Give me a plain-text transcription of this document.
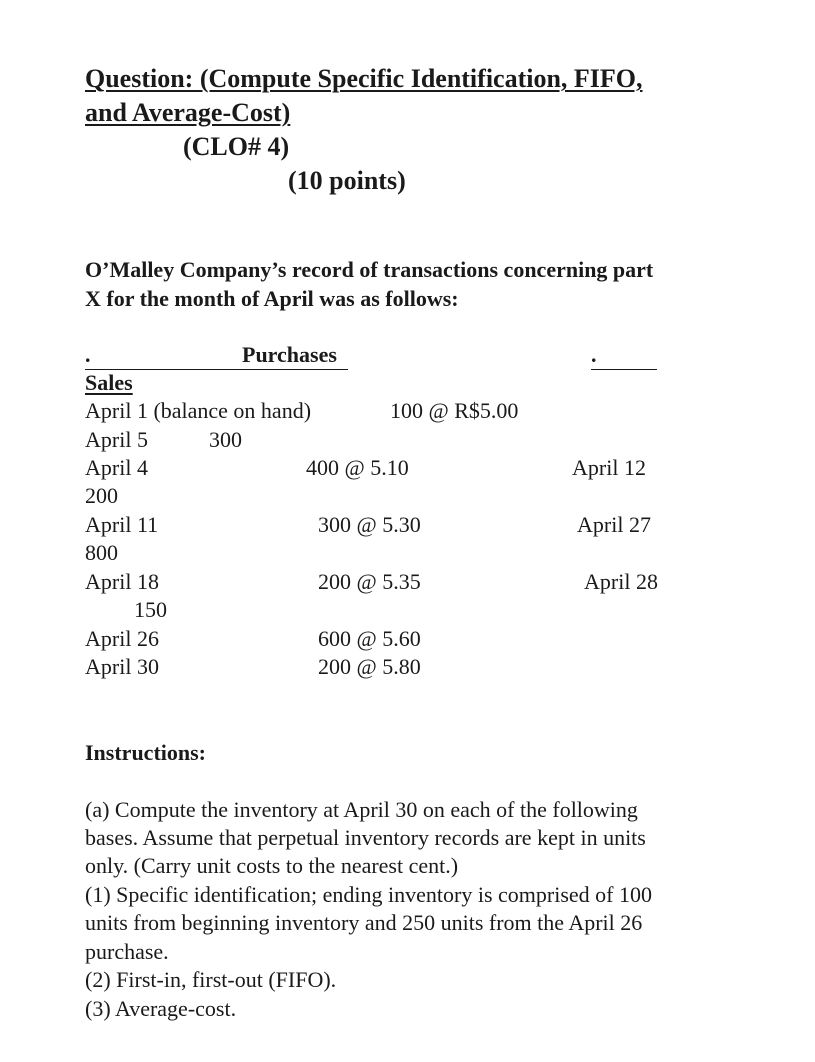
Question: (Compute Specific Identification, FIFO,
and Average-Cost)
(CLO# 4)
(10 points)
O’Malley Company’s record of transactions concerning part
X for the month of April was as follows:

.

	Purchases

	.

Sales
April 1 (balance on hand)	100 @ R$5.00
April 5	300
April 4	400 @ 5.10	April 12
200
April 11	300 @ 5.30	April 27
800
April 18	200 @ 5.35	April 28
150
April 26	600 @ 5.60
April 30	200 @ 5.80
Instructions:
(a) Compute the inventory at April 30 on each of the following
bases. Assume that perpetual inventory records are kept in units
only. (Carry unit costs to the nearest cent.)
(1) Specific identification; ending inventory is comprised of 100
units from beginning inventory and 250 units from the April 26
purchase.
(2) First-in, first-out (FIFO).
(3) Average-cost.
